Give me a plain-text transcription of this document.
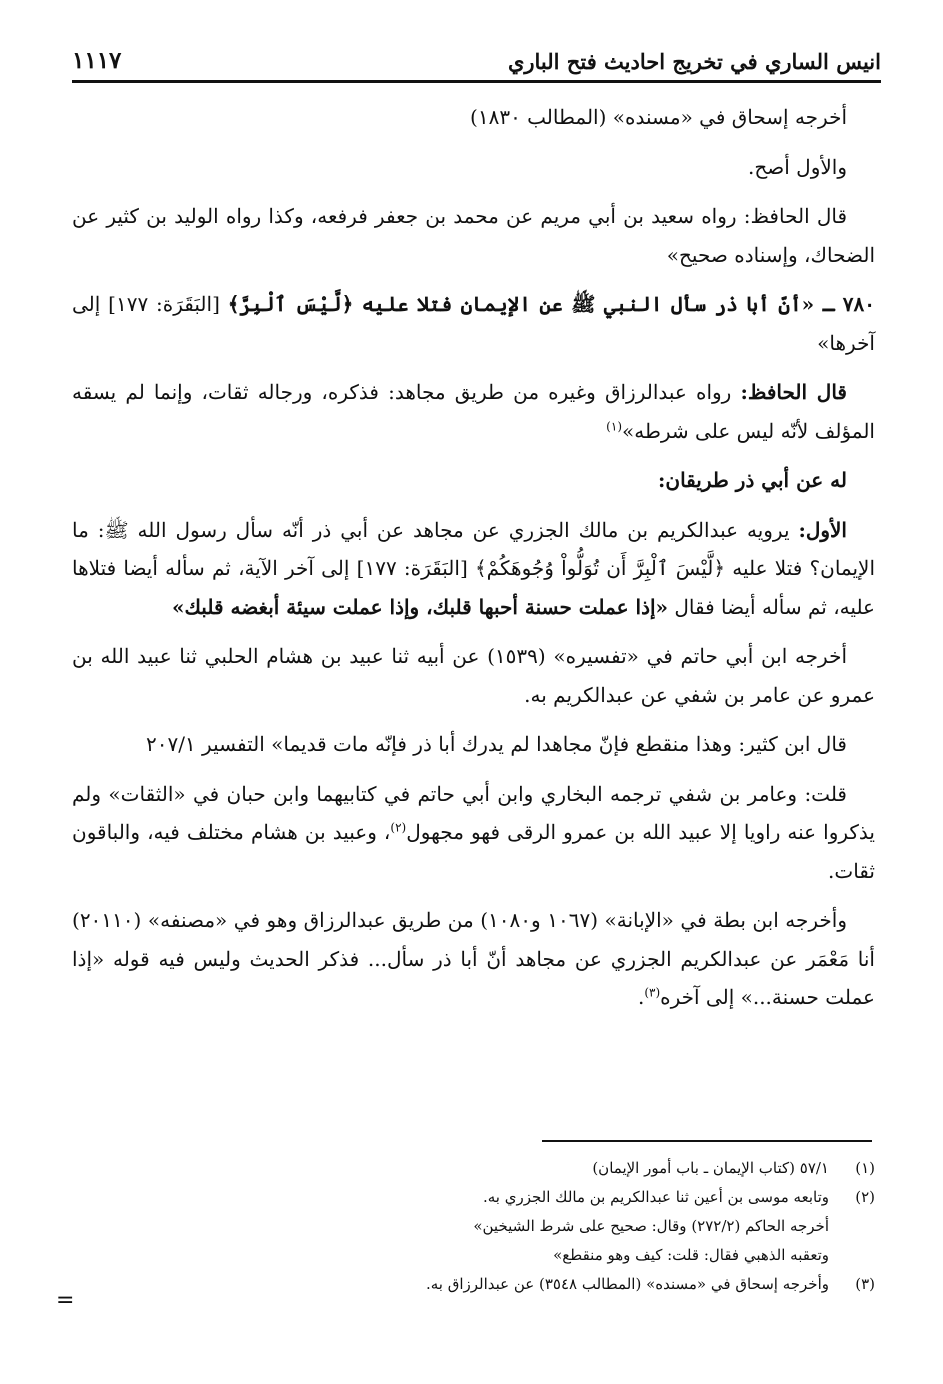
انيس الساري في تخريج احاديث فتح الباري
١١١٧

أخرجه إسحاق في «مسنده» (المطالب ١٨٣٠)

والأول أصح.

قال الحافظ: رواه سعيد بن أبي مريم عن محمد بن جعفر فرفعه، وكذا رواه الوليد بن كثير عن الضحاك، وإسناده صحيح»

٧٨٠ ـ «أنّ أبا ذر سأل النبي ﷺ عن الإيمان فتلا عليه ﴿لَّيْسَ ٱلْبِرَّ﴾ [البَقَرَة: ١٧٧] إلى آخرها»

قال الحافظ: رواه عبدالرزاق وغيره من طريق مجاهد: فذكره، ورجاله ثقات، وإنما لم يسقه المؤلف لأنّه ليس على شرطه»$^{(١)}$

له عن أبي ذر طريقان:

الأول: يرويه عبدالكريم بن مالك الجزري عن مجاهد عن أبي ذر أنّه سأل رسول الله ﷺ: ما الإيمان؟ فتلا عليه ﴿لَّيْسَ ٱلْبِرَّ أَن تُوَلُّواْ وُجُوهَكُمْ﴾ [البَقَرَة: ١٧٧] إلى آخر الآية، ثم سأله أيضا فتلاها عليه، ثم سأله أيضا فقال «إذا عملت حسنة أحبها قلبك، وإذا عملت سيئة أبغضه قلبك»

أخرجه ابن أبي حاتم في «تفسيره» (١٥٣٩) عن أبيه ثنا عبيد بن هشام الحلبي ثنا عبيد الله بن عمرو عن عامر بن شفي عن عبدالكريم به.

قال ابن كثير: وهذا منقطع فإنّ مجاهدا لم يدرك أبا ذر فإنّه مات قديما» التفسير ٢٠٧/١

قلت: وعامر بن شفي ترجمه البخاري وابن أبي حاتم في كتابيهما وابن حبان في «الثقات» ولم يذكروا عنه راويا إلا عبيد الله بن عمرو الرقى فهو مجهول$^{(٢)}$، وعبيد بن هشام مختلف فيه، والباقون ثقات.

وأخرجه ابن بطة في «الإبانة» (١٠٦٧ و١٠٨٠) من طريق عبدالرزاق وهو في «مصنفه» (٢٠١١٠) أنا مَعْمَر عن عبدالكريم الجزري عن مجاهد أنّ أبا ذر سأل... فذكر الحديث وليس فيه قوله «إذا عملت حسنة...» إلى آخره$^{(٣)}$.

(١)
٥٧/١ (كتاب الإيمان ـ باب أمور الإيمان)
(٢)
وتابعه موسى بن أعين ثنا عبدالكريم بن مالك الجزري به.
أخرجه الحاكم (٢٧٢/٢) وقال: صحيح على شرط الشيخين»
وتعقبه الذهبي فقال: قلت: كيف وهو منقطع»
(٣)
وأخرجه إسحاق في «مسنده» (المطالب ٣٥٤٨) عن عبدالرزاق به.
=
